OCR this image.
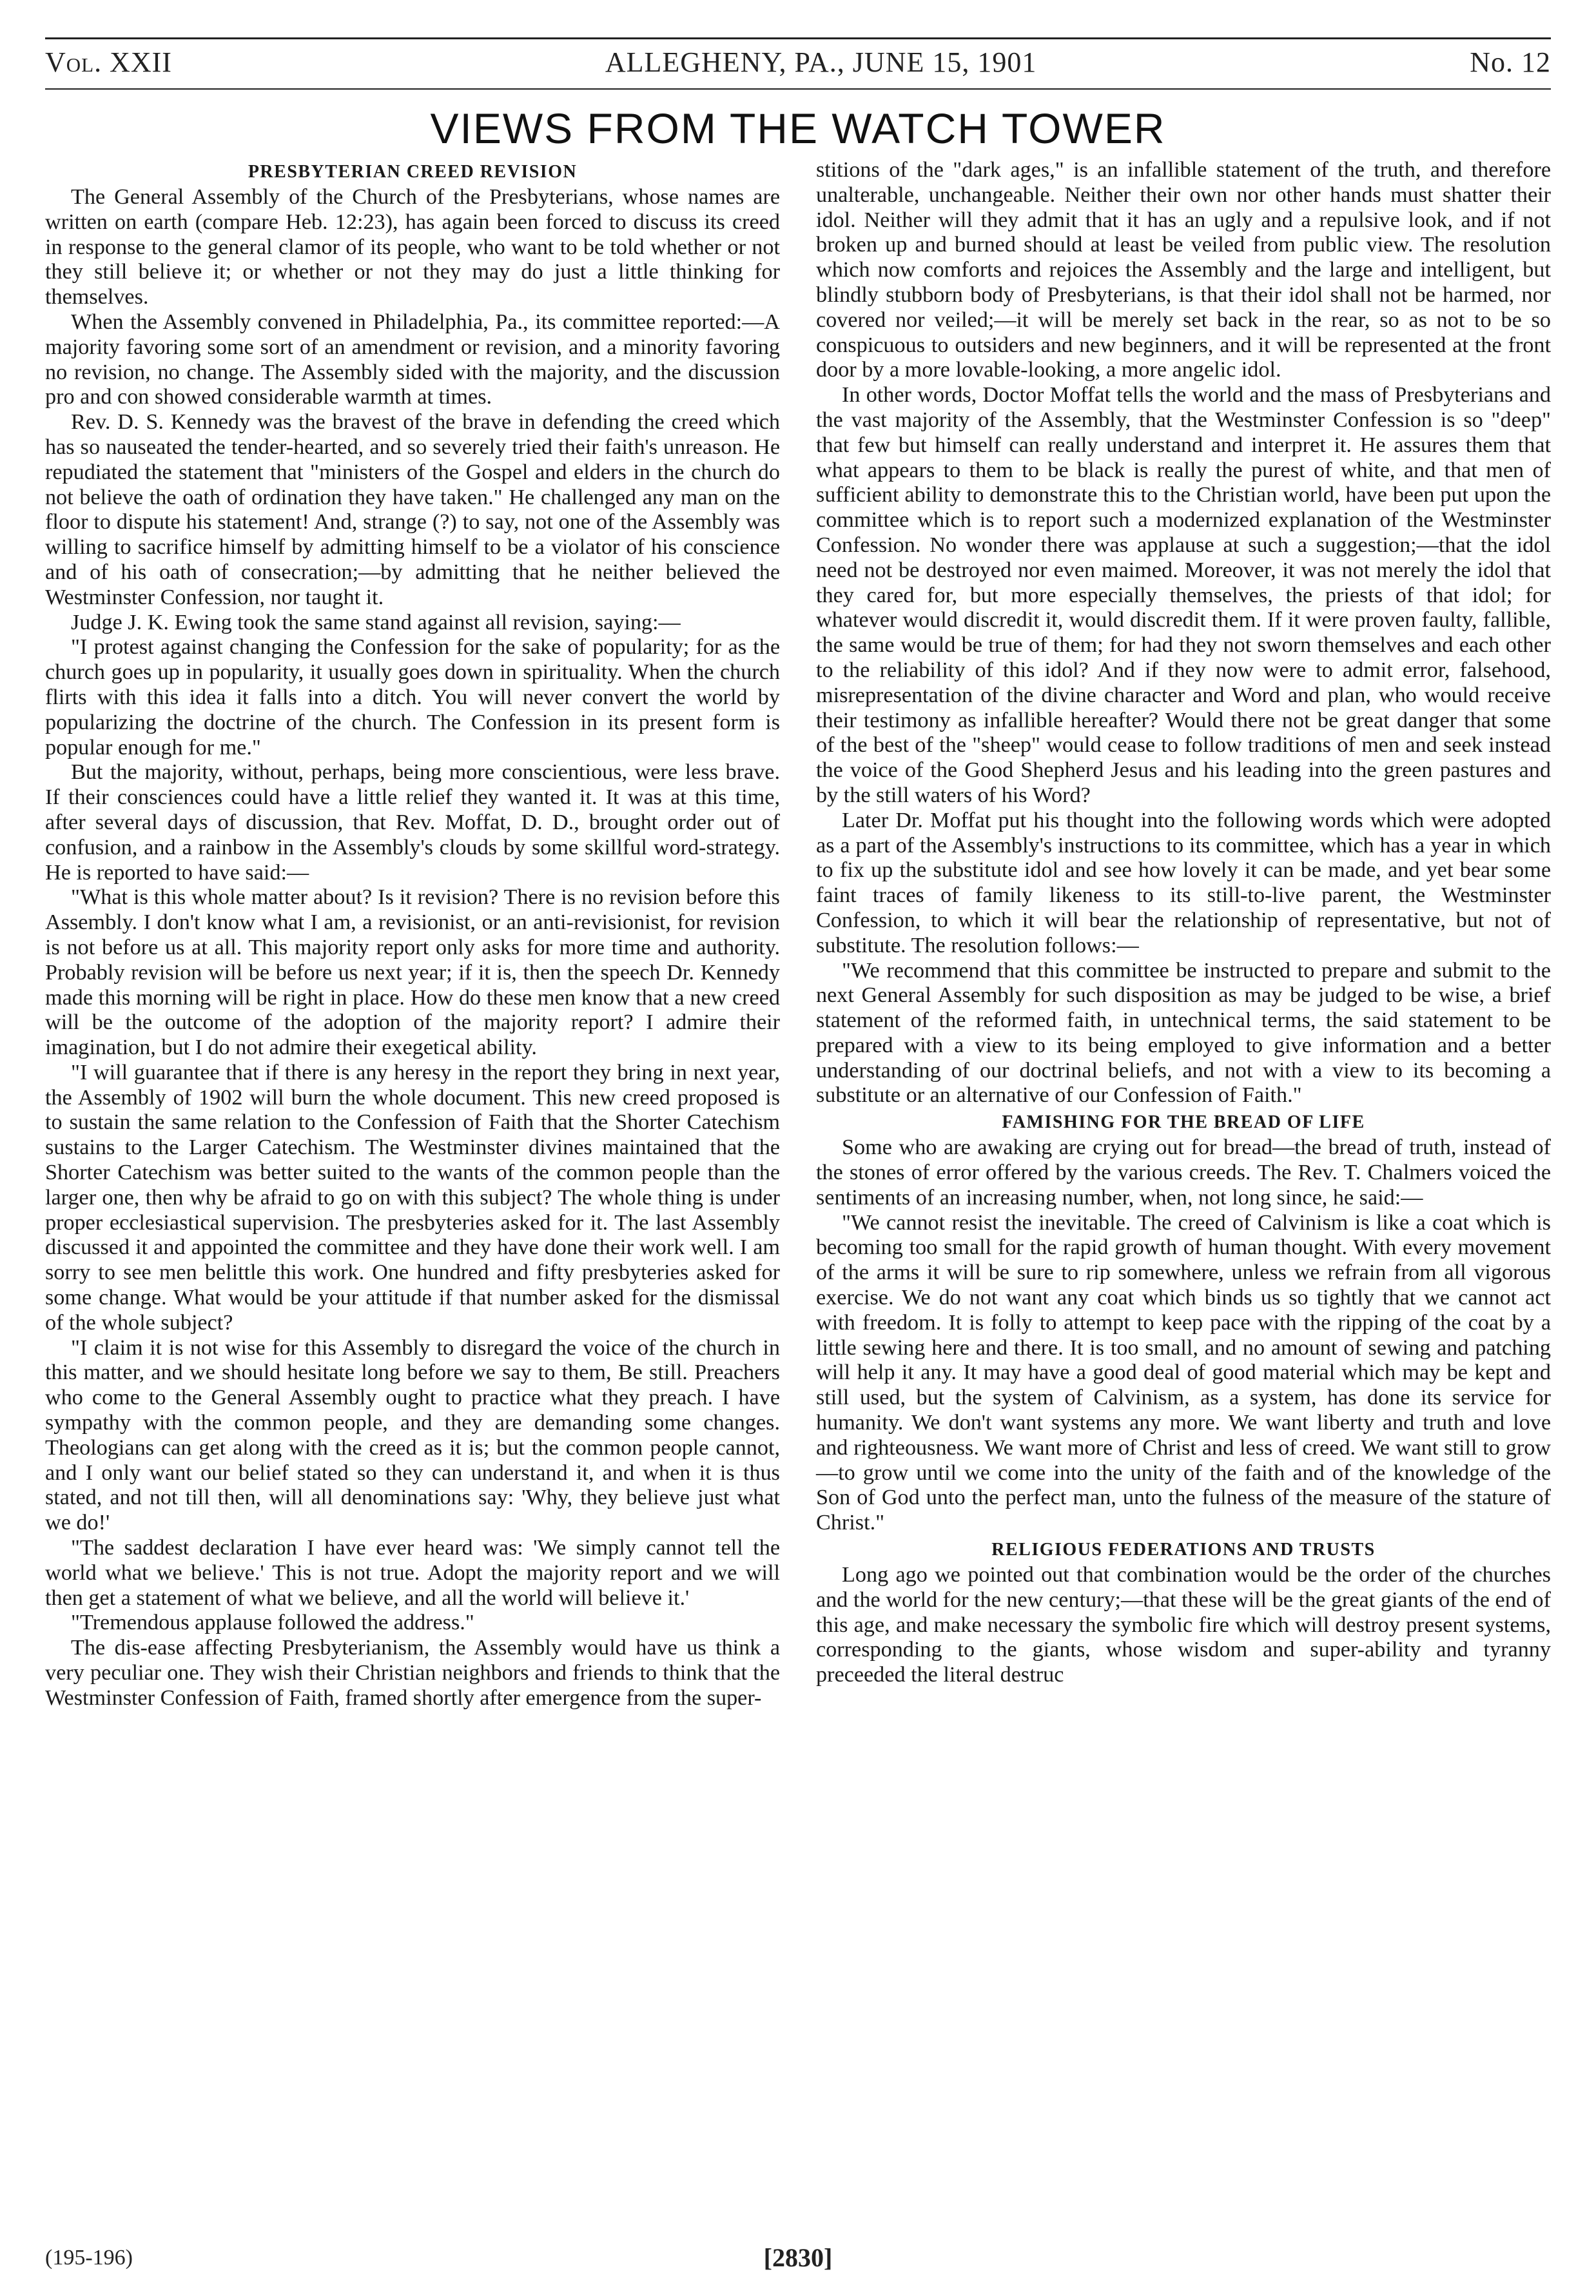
Vol. XXII	ALLEGHENY, PA., JUNE 15, 1901	No. 12
VIEWS FROM THE WATCH TOWER
PRESBYTERIAN CREED REVISION

The General Assembly of the Church of the Presbyterians, whose names are written on earth (compare Heb. 12:23), has again been forced to discuss its creed in response to the general clamor of its people, who want to be told whether or not they still believe it; or whether or not they may do just a little thinking for themselves.

When the Assembly convened in Philadelphia, Pa., its committee reported:—A majority favoring some sort of an amendment or revision, and a minority favoring no revision, no change. The Assembly sided with the majority, and the discussion pro and con showed considerable warmth at times.

Rev. D. S. Kennedy was the bravest of the brave in defending the creed which has so nauseated the tender-hearted, and so severely tried their faith's unreason. He repudiated the statement that "ministers of the Gospel and elders in the church do not believe the oath of ordination they have taken." He challenged any man on the floor to dispute his statement! And, strange (?) to say, not one of the Assembly was willing to sacrifice himself by admitting himself to be a violator of his conscience and of his oath of consecration;—by admitting that he neither believed the Westminster Confession, nor taught it.

Judge J. K. Ewing took the same stand against all revision, saying:—

"I protest against changing the Confession for the sake of popularity; for as the church goes up in popularity, it usually goes down in spirituality. When the church flirts with this idea it falls into a ditch. You will never convert the world by popularizing the doctrine of the church. The Confession in its present form is popular enough for me."

But the majority, without, perhaps, being more conscientious, were less brave. If their consciences could have a little relief they wanted it. It was at this time, after several days of discussion, that Rev. Moffat, D. D., brought order out of confusion, and a rainbow in the Assembly's clouds by some skillful word-strategy. He is reported to have said:—

"What is this whole matter about? Is it revision? There is no revision before this Assembly. I don't know what I am, a revisionist, or an anti-revisionist, for revision is not before us at all. This majority report only asks for more time and authority. Probably revision will be before us next year; if it is, then the speech Dr. Kennedy made this morning will be right in place. How do these men know that a new creed will be the outcome of the adoption of the majority report? I admire their imagination, but I do not admire their exegetical ability.

"I will guarantee that if there is any heresy in the report they bring in next year, the Assembly of 1902 will burn the whole document. This new creed proposed is to sustain the same relation to the Confession of Faith that the Shorter Catechism sustains to the Larger Catechism. The Westminster divines maintained that the Shorter Catechism was better suited to the wants of the common people than the larger one, then why be afraid to go on with this subject? The whole thing is under proper ecclesiastical supervision. The presbyteries asked for it. The last Assembly discussed it and appointed the committee and they have done their work well. I am sorry to see men belittle this work. One hundred and fifty presbyteries asked for some change. What would be your attitude if that number asked for the dismissal of the whole subject?

"I claim it is not wise for this Assembly to disregard the voice of the church in this matter, and we should hesitate long before we say to them, Be still. Preachers who come to the General Assembly ought to practice what they preach. I have sympathy with the common people, and they are demanding some changes. Theologians can get along with the creed as it is; but the common people cannot, and I only want our belief stated so they can understand it, and when it is thus stated, and not till then, will all denominations say: 'Why, they believe just what we do!'

"The saddest declaration I have ever heard was: 'We simply cannot tell the world what we believe.' This is not true. Adopt the majority report and we will then get a statement of what we believe, and all the world will believe it.'

"Tremendous applause followed the address."

The dis-ease affecting Presbyterianism, the Assembly would have us think a very peculiar one. They wish their Christian neighbors and friends to think that the Westminster Confession of Faith, framed shortly after emergence from the super-

stitions of the "dark ages," is an infallible statement of the truth, and therefore unalterable, unchangeable. Neither their own nor other hands must shatter their idol. Neither will they admit that it has an ugly and a repulsive look, and if not broken up and burned should at least be veiled from public view. The resolution which now comforts and rejoices the Assembly and the large and intelligent, but blindly stubborn body of Presbyterians, is that their idol shall not be harmed, nor covered nor veiled;—it will be merely set back in the rear, so as not to be so conspicuous to outsiders and new beginners, and it will be represented at the front door by a more lovable-looking, a more angelic idol.

In other words, Doctor Moffat tells the world and the mass of Presbyterians and the vast majority of the Assembly, that the Westminster Confession is so "deep" that few but himself can really understand and interpret it. He assures them that what appears to them to be black is really the purest of white, and that men of sufficient ability to demonstrate this to the Christian world, have been put upon the committee which is to report such a modernized explanation of the Westminster Confession. No wonder there was applause at such a suggestion;—that the idol need not be destroyed nor even maimed. Moreover, it was not merely the idol that they cared for, but more especially themselves, the priests of that idol; for whatever would discredit it, would discredit them. If it were proven faulty, fallible, the same would be true of them; for had they not sworn themselves and each other to the reliability of this idol? And if they now were to admit error, falsehood, misrepresentation of the divine character and Word and plan, who would receive their testimony as infallible hereafter? Would there not be great danger that some of the best of the "sheep" would cease to follow traditions of men and seek instead the voice of the Good Shepherd Jesus and his leading into the green pastures and by the still waters of his Word?

Later Dr. Moffat put his thought into the following words which were adopted as a part of the Assembly's instructions to its committee, which has a year in which to fix up the substitute idol and see how lovely it can be made, and yet bear some faint traces of family likeness to its still-to-live parent, the Westminster Confession, to which it will bear the relationship of representative, but not of substitute. The resolution follows:—

"We recommend that this committee be instructed to prepare and submit to the next General Assembly for such disposition as may be judged to be wise, a brief statement of the reformed faith, in untechnical terms, the said statement to be prepared with a view to its being employed to give information and a better understanding of our doctrinal beliefs, and not with a view to its becoming a substitute or an alternative of our Confession of Faith."

FAMISHING FOR THE BREAD OF LIFE

Some who are awaking are crying out for bread—the bread of truth, instead of the stones of error offered by the various creeds. The Rev. T. Chalmers voiced the sentiments of an increasing number, when, not long since, he said:—

"We cannot resist the inevitable. The creed of Calvinism is like a coat which is becoming too small for the rapid growth of human thought. With every movement of the arms it will be sure to rip somewhere, unless we refrain from all vigorous exercise. We do not want any coat which binds us so tightly that we cannot act with freedom. It is folly to attempt to keep pace with the ripping of the coat by a little sewing here and there. It is too small, and no amount of sewing and patching will help it any. It may have a good deal of good material which may be kept and still used, but the system of Calvinism, as a system, has done its service for humanity. We don't want systems any more. We want liberty and truth and love and righteousness. We want more of Christ and less of creed. We want still to grow—to grow until we come into the unity of the faith and of the knowledge of the Son of God unto the perfect man, unto the fulness of the measure of the stature of Christ."

RELIGIOUS FEDERATIONS AND TRUSTS

Long ago we pointed out that combination would be the order of the churches and the world for the new century;—that these will be the great giants of the end of this age, and make necessary the symbolic fire which will destroy present systems, corresponding to the giants, whose wisdom and super-ability and tyranny preceeded the literal destruc

(195-196)	[2830]
